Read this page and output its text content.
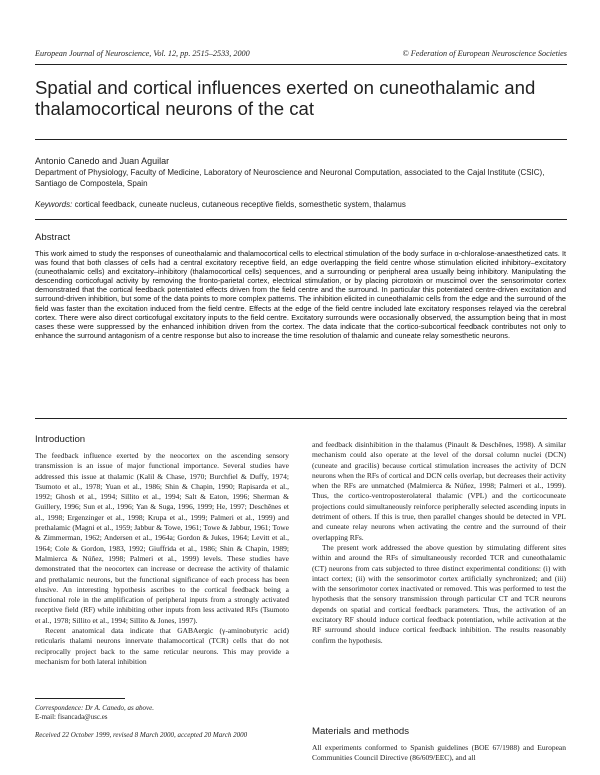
European Journal of Neuroscience, Vol. 12, pp. 2515–2533, 2000	© Federation of European Neuroscience Societies
Spatial and cortical influences exerted on cuneothalamic and thalamocortical neurons of the cat
Antonio Canedo and Juan Aguilar
Department of Physiology, Faculty of Medicine, Laboratory of Neuroscience and Neuronal Computation, associated to the Cajal Institute (CSIC), Santiago de Compostela, Spain
Keywords: cortical feedback, cuneate nucleus, cutaneous receptive fields, somesthetic system, thalamus
Abstract
This work aimed to study the responses of cuneothalamic and thalamocortical cells to electrical stimulation of the body surface in α-chloralose-anaesthetized cats. It was found that both classes of cells had a central excitatory receptive field, an edge overlapping the field centre whose stimulation elicited inhibitory–excitatory (cuneothalamic cells) and excitatory–inhibitory (thalamocortical cells) sequences, and a surrounding or peripheral area usually being inhibitory. Manipulating the descending corticofugal activity by removing the fronto-parietal cortex, electrical stimulation, or by placing picrotoxin or muscimol over the sensorimotor cortex demonstrated that the cortical feedback potentiated effects driven from the field centre and the surround. In particular this potentiated centre-driven excitation and surround-driven inhibition, but some of the data points to more complex patterns. The inhibition elicited in cuneothalamic cells from the edge and the surround of the field was faster than the excitation induced from the field centre. Effects at the edge of the field centre included late excitatory responses relayed via the cerebral cortex. There were also direct corticofugal excitatory inputs to the field centre. Excitatory surrounds were occasionally observed, the assumption being that in most cases these were suppressed by the enhanced inhibition driven from the cortex. The data indicate that the cortico-subcortical feedback contributes not only to enhance the surround antagonism of a centre response but also to increase the time resolution of thalamic and cuneate relay somesthetic neurons.
Introduction

The feedback influence exerted by the neocortex on the ascending sensory transmission is an issue of major functional importance. Several studies have addressed this issue at thalamic (Kalil & Chase, 1970; Burchfiel & Duffy, 1974; Tsumoto et al., 1978; Yuan et al., 1986; Shin & Chapin, 1990; Rapisarda et al., 1992; Ghosh et al., 1994; Sillito et al., 1994; Salt & Eaton, 1996; Sherman & Guillery, 1996; Sun et al., 1996; Yan & Suga, 1996, 1999; He, 1997; Deschênes et al., 1998; Ergenzinger et al., 1998; Krupa et al., 1999; Palmeri et al., 1999) and prethalamic (Magni et al., 1959; Jabbur & Towe, 1961; Towe & Jabbur, 1961; Towe & Zimmerman, 1962; Andersen et al., 1964a; Gordon & Jukes, 1964; Levitt et al., 1964; Cole & Gordon, 1983, 1992; Giuffrida et al., 1986; Shin & Chapin, 1989; Malmierca & Núñez, 1998; Palmeri et al., 1999) levels. These studies have demonstrated that the neocortex can increase or decrease the activity of thalamic and prethalamic neurons, but the functional significance of each process has been elusive. An interesting hypothesis ascribes to the cortical feedback being a functional role in the amplification of peripheral inputs from a strongly activated receptive field (RF) while inhibiting other inputs from less activated RFs (Tsumoto et al., 1978; Sillito et al., 1994; Sillito & Jones, 1997).

Recent anatomical data indicate that GABAergic (γ-aminobutyric acid) reticularis thalami neurons innervate thalamocortical (TCR) cells that do not reciprocally project back to the same reticular neurons. This may provide a mechanism for both lateral inhibition

Correspondence: Dr A. Canedo, as above.
E-mail: fisancada@usc.es
Received 22 October 1999, revised 8 March 2000, accepted 20 March 2000

and feedback disinhibition in the thalamus (Pinault & Deschênes, 1998). A similar mechanism could also operate at the level of the dorsal column nuclei (DCN) (cuneate and gracilis) because cortical stimulation increases the activity of DCN neurons when the RFs of cortical and DCN cells overlap, but decreases their activity when the RFs are unmatched (Malmierca & Núñez, 1998; Palmeri et al., 1999). Thus, the cortico-ventroposterolateral thalamic (VPL) and the corticocuneate projections could simultaneously reinforce peripherally selected ascending inputs in detriment of others. If this is true, then parallel changes should be detected in VPL and cuneate relay neurons when activating the centre and the surround of their overlapping RFs.

The present work addressed the above question by stimulating different sites within and around the RFs of simultaneously recorded TCR and cuneothalamic (CT) neurons from cats subjected to three distinct experimental conditions: (i) with intact cortex; (ii) with the sensorimotor cortex artificially synchronized; and (iii) with the sensorimotor cortex inactivated or removed. This was performed to test the hypothesis that the sensory transmission through particular CT and TCR neurons depends on spatial and cortical feedback parameters. Thus, the activation of an excitatory RF should induce cortical feedback potentiation, while activation at the RF surround should induce cortical feedback inhibition. The results reasonably confirm the hypothesis.

Materials and methods
All experiments conformed to Spanish guidelines (BOE 67/1988) and European Communities Council Directive (86/609/EEC), and all
